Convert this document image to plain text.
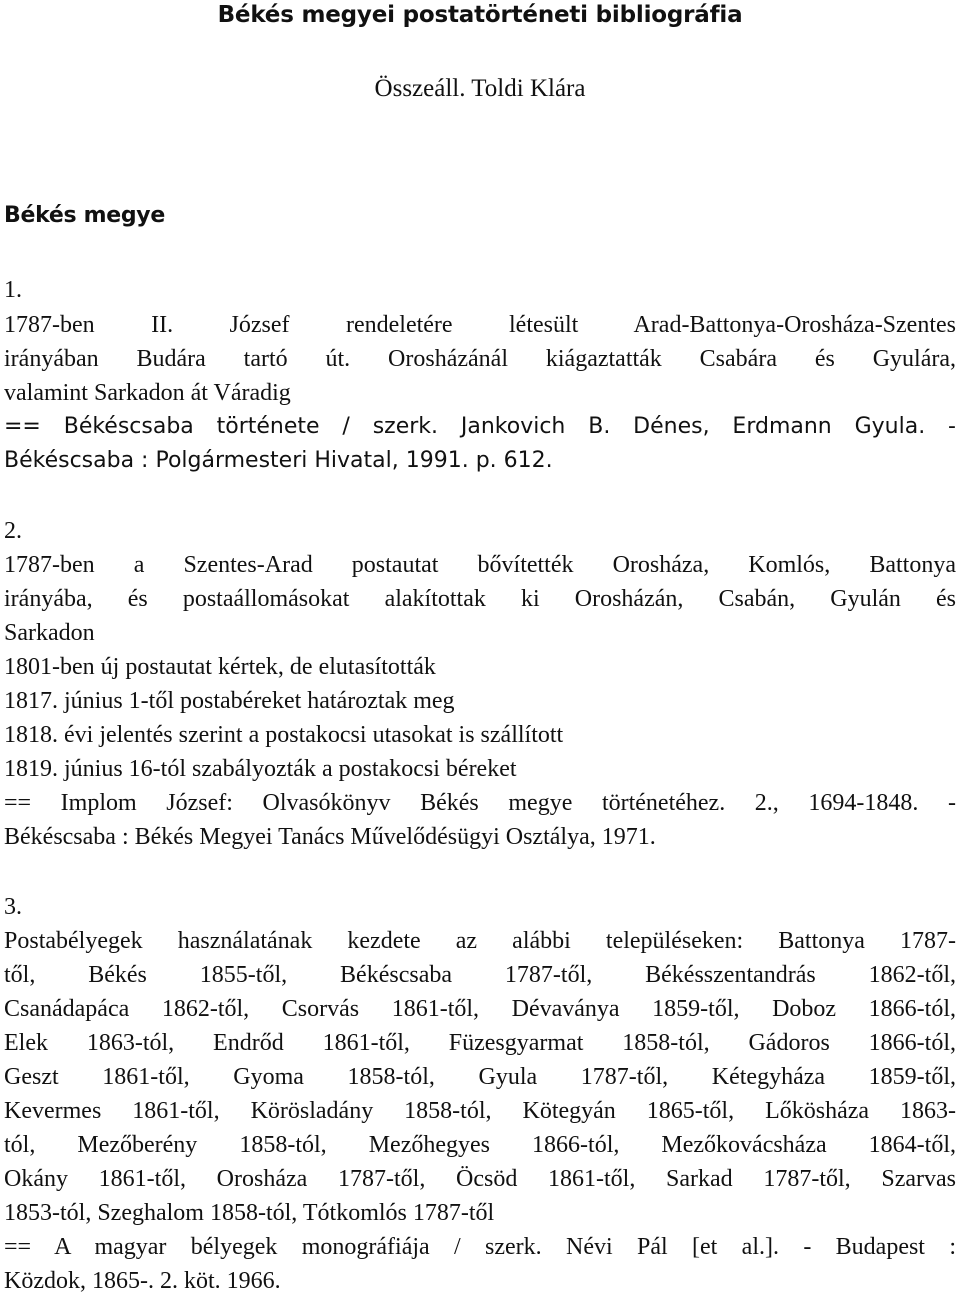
Békés megyei postatörténeti bibliográfia
Összeáll. Toldi Klára
Békés megye
1.
1787-ben II. József rendeletére létesült Arad-Battonya-Orosháza-Szentes
irányában Budára tartó út. Orosházánál kiágaztatták Csabára és Gyulára,
valamint Sarkadon át Váradig
== Békéscsaba története / szerk. Jankovich B. Dénes, Erdmann Gyula. -
Békéscsaba : Polgármesteri Hivatal, 1991. p. 612.
2.
1787-ben a Szentes-Arad postautat bővítették Orosháza, Komlós, Battonya
irányába, és postaállomásokat alakítottak ki Orosházán, Csabán, Gyulán és
Sarkadon
1801-ben új postautat kértek, de elutasították
1817. június 1-től postabéreket határoztak meg
1818. évi jelentés szerint a postakocsi utasokat is szállított
1819. június 16-tól szabályozták a postakocsi béreket
== Implom József: Olvasókönyv Békés megye történetéhez. 2., 1694-1848. -
Békéscsaba : Békés Megyei Tanács Művelődésügyi Osztálya, 1971.
3.
Postabélyegek használatának kezdete az alábbi településeken: Battonya 1787-
től, Békés 1855-től, Békéscsaba 1787-től, Békésszentandrás 1862-től,
Csanádapáca 1862-től, Csorvás 1861-től, Dévaványa 1859-től, Doboz 1866-tól,
Elek 1863-tól, Endrőd 1861-től, Füzesgyarmat 1858-tól, Gádoros 1866-tól,
Geszt 1861-től, Gyoma 1858-tól, Gyula 1787-től, Kétegyháza 1859-től,
Kevermes 1861-től, Körösladány 1858-tól, Kötegyán 1865-től, Lőkösháza 1863-
tól, Mezőberény 1858-tól, Mezőhegyes 1866-tól, Mezőkovácsháza 1864-től,
Okány 1861-től, Orosháza 1787-től, Öcsöd 1861-től, Sarkad 1787-től, Szarvas
1853-tól, Szeghalom 1858-tól, Tótkomlós 1787-től
== A magyar bélyegek monográfiája / szerk. Névi Pál [et al.]. - Budapest :
Közdok, 1865-. 2. köt. 1966.
